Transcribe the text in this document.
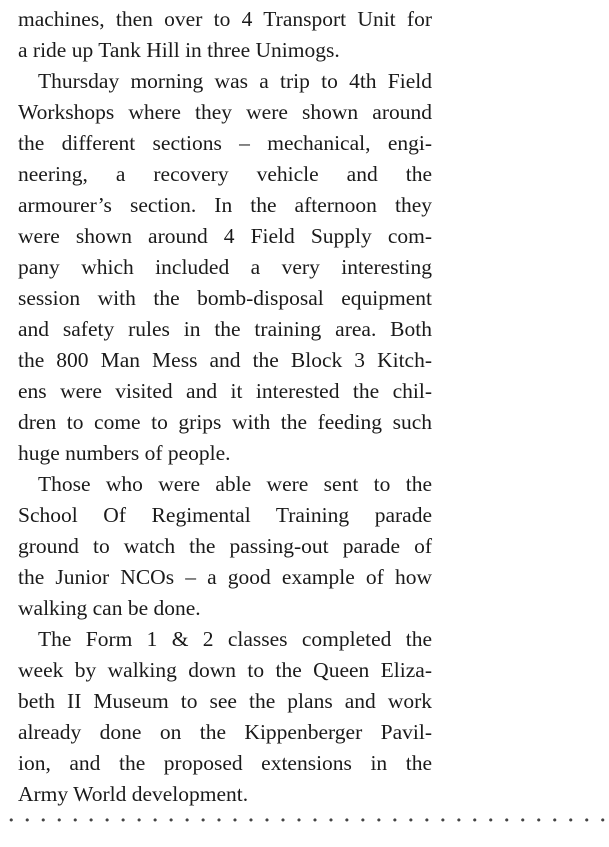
machines, then over to 4 Transport Unit for
a ride up Tank Hill in three Unimogs.
Thursday morning was a trip to 4th Field
Workshops where they were shown around
the different sections – mechanical, engi-
neering, a recovery vehicle and the
armourer’s section. In the afternoon they
were shown around 4 Field Supply com-
pany which included a very interesting
session with the bomb-disposal equipment
and safety rules in the training area. Both
the 800 Man Mess and the Block 3 Kitch-
ens were visited and it interested the chil-
dren to come to grips with the feeding such
huge numbers of people.
Those who were able were sent to the
School Of Regimental Training parade
ground to watch the passing-out parade of
the Junior NCOs – a good example of how
walking can be done.
The Form 1 & 2 classes completed the
week by walking down to the Queen Eliza-
beth II Museum to see the plans and work
already done on the Kippenberger Pavil-
ion, and the proposed extensions in the
Army World development.
• • • • • • • • • • • • • • • • • • • • • • • • • • • • • • • • • • • • • •
